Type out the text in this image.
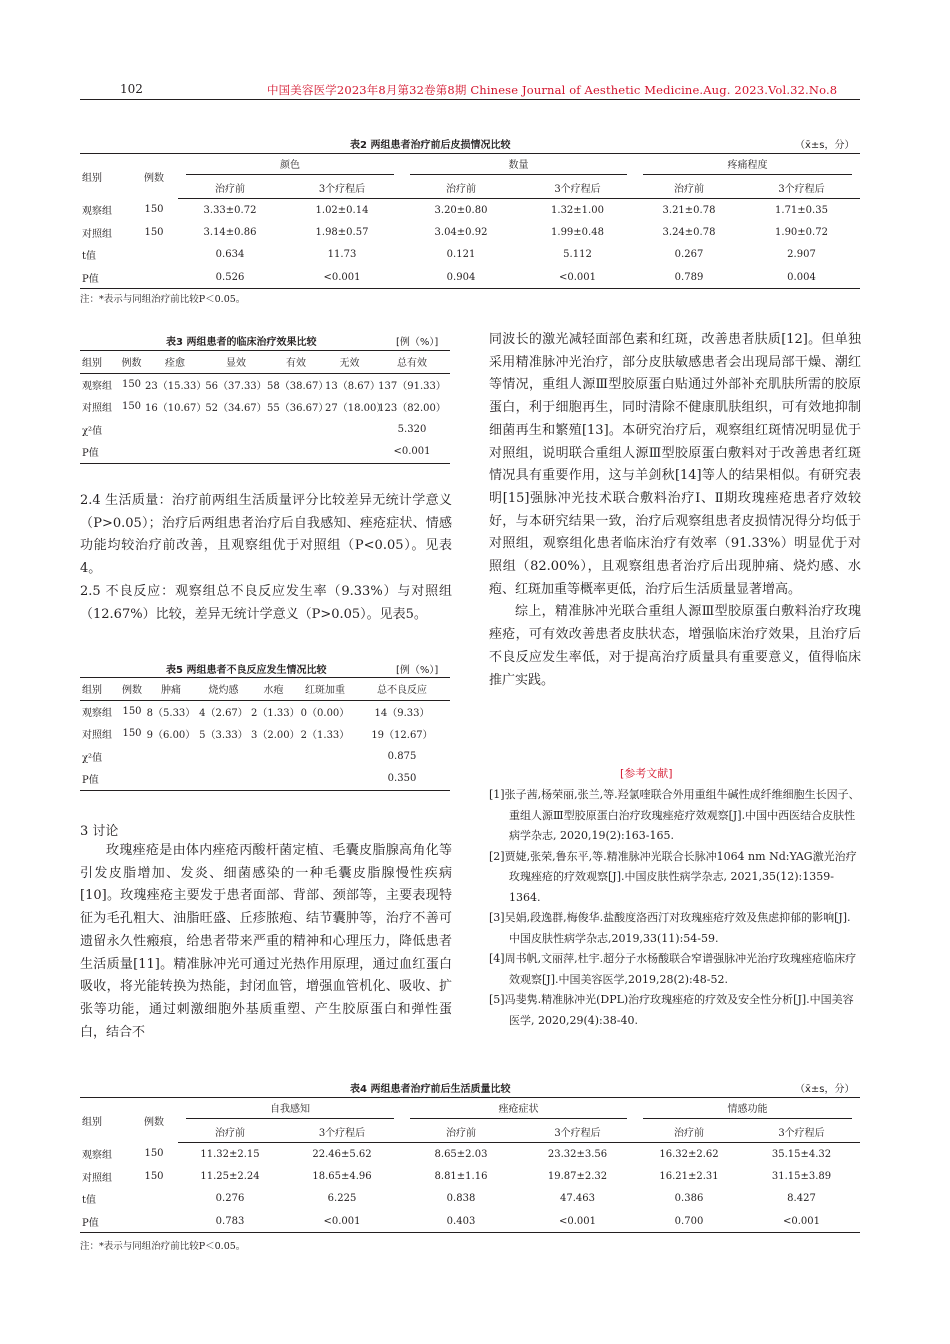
102	中国美容医学2023年8月第32卷第8期 Chinese Journal of Aesthetic Medicine.Aug. 2023.Vol.32.No.8
表2 两组患者治疗前后皮损情况比较	（x̄±s，分）
组别	例数	颜色		数量		疼痛程度	

		治疗前	3个疗程后	治疗前	3个疗程后	治疗前	3个疗程后
观察组	150	3.33±0.72	1.02±0.14	3.20±0.80	1.32±1.00	3.21±0.78	1.71±0.35
对照组	150	3.14±0.86	1.98±0.57	3.04±0.92	1.99±0.48	3.24±0.78	1.90±0.72
t值		0.634	11.73	0.121	5.112	0.267	2.907
P值		0.526	<0.001	0.904	<0.001	0.789	0.004
注：*表示与同组治疗前比较P＜0.05。
表3 两组患者的临床治疗效果比较	[例（%）]
组别	例数	痊愈	显效	有效	无效	总有效
观察组	150	23（15.33）	56（37.33）	58（38.67）	13（8.67）	137（91.33）
对照组	150	16（10.67）	52（34.67）	55（36.67）	27（18.00）	123（82.00）
χ²值						5.320
P值						<0.001

2.4 生活质量：治疗前两组生活质量评分比较差异无统计学意义（P>0.05）；治疗后两组患者治疗后自我感知、痤疮症状、情感功能均较治疗前改善，且观察组优于对照组（P<0.05）。见表4。

2.5 不良反应：观察组总不良反应发生率（9.33%）与对照组（12.67%）比较，差异无统计学意义（P>0.05）。见表5。

表5 两组患者不良反应发生情况比较	[例（%）]
组别	例数	肿痛	烧灼感	水疱	红斑加重	总不良反应
观察组	150	8（5.33）	4（2.67）	2（1.33）	0（0.00）	14（9.33）
对照组	150	9（6.00）	5（3.33）	3（2.00）	2（1.33）	19（12.67）
χ²值						0.875
P值						0.350
3 讨论

玫瑰痤疮是由体内痤疮丙酸杆菌定植、毛囊皮脂腺高角化等引发皮脂增加、发炎、细菌感染的一种毛囊皮脂腺慢性疾病[10]。玫瑰痤疮主要发于患者面部、背部、颈部等，主要表现特征为毛孔粗大、油脂旺盛、丘疹脓疱、结节囊肿等，治疗不善可遗留永久性瘢痕，给患者带来严重的精神和心理压力，降低患者生活质量[11]。精准脉冲光可通过光热作用原理，通过血红蛋白吸收，将光能转换为热能，封闭血管，增强血管机化、吸收、扩张等功能，通过刺激细胞外基质重塑、产生胶原蛋白和弹性蛋白，结合不

同波长的激光减轻面部色素和红斑，改善患者肤质[12]。但单独采用精准脉冲光治疗，部分皮肤敏感患者会出现局部干燥、潮红等情况，重组人源Ⅲ型胶原蛋白贴通过外部补充肌肤所需的胶原蛋白，利于细胞再生，同时清除不健康肌肤组织，可有效地抑制细菌再生和繁殖[13]。本研究治疗后，观察组红斑情况明显优于对照组，说明联合重组人源Ⅲ型胶原蛋白敷料对于改善患者红斑情况具有重要作用，这与羊剑秋[14]等人的结果相似。有研究表明[15]强脉冲光技术联合敷料治疗Ⅰ、Ⅱ期玫瑰痤疮患者疗效较好，与本研究结果一致，治疗后观察组患者皮损情况得分均低于对照组，观察组化患者临床治疗有效率（91.33%）明显优于对照组（82.00%），且观察组患者治疗后出现肿痛、烧灼感、水疱、红斑加重等概率更低，治疗后生活质量显著增高。

综上，精准脉冲光联合重组人源Ⅲ型胶原蛋白敷料治疗玫瑰痤疮，可有效改善患者皮肤状态，增强临床治疗效果，且治疗后不良反应发生率低，对于提高治疗质量具有重要意义，值得临床推广实践。

[参考文献]
[1]张子茜,杨荣丽,张兰,等.羟氯喹联合外用重组牛碱性成纤维细胞生长因子、重组人源Ⅲ型胶原蛋白治疗玫瑰痤疮疗效观察[J].中国中西医结合皮肤性病学杂志, 2020,19(2):163-165.
[2]贾婕,张荣,鲁东平,等.精准脉冲光联合长脉冲1064 nm Nd:YAG激光治疗玫瑰痤疮的疗效观察[J].中国皮肤性病学杂志, 2021,35(12):1359-1364.
[3]吴娟,段逸群,梅俊华.盐酸度洛西汀对玫瑰痤疮疗效及焦虑抑郁的影响[J].中国皮肤性病学杂志,2019,33(11):54-59.
[4]周书帆,文丽萍,杜宇.超分子水杨酸联合窄谱强脉冲光治疗玫瑰痤疮临床疗效观察[J].中国美容医学,2019,28(2):48-52.
[5]冯斐隽.精准脉冲光(DPL)治疗玫瑰痤疮的疗效及安全性分析[J].中国美容医学, 2020,29(4):38-40.
表4 两组患者治疗前后生活质量比较	（x̄±s，分）
组别	例数	自我感知		痤疮症状		情感功能	

		治疗前	3个疗程后	治疗前	3个疗程后	治疗前	3个疗程后
观察组	150	11.32±2.15	22.46±5.62	8.65±2.03	23.32±3.56	16.32±2.62	35.15±4.32
对照组	150	11.25±2.24	18.65±4.96	8.81±1.16	19.87±2.32	16.21±2.31	31.15±3.89
t值		0.276	6.225	0.838	47.463	0.386	8.427
P值		0.783	<0.001	0.403	<0.001	0.700	<0.001
注：*表示与同组治疗前比较P＜0.05。
